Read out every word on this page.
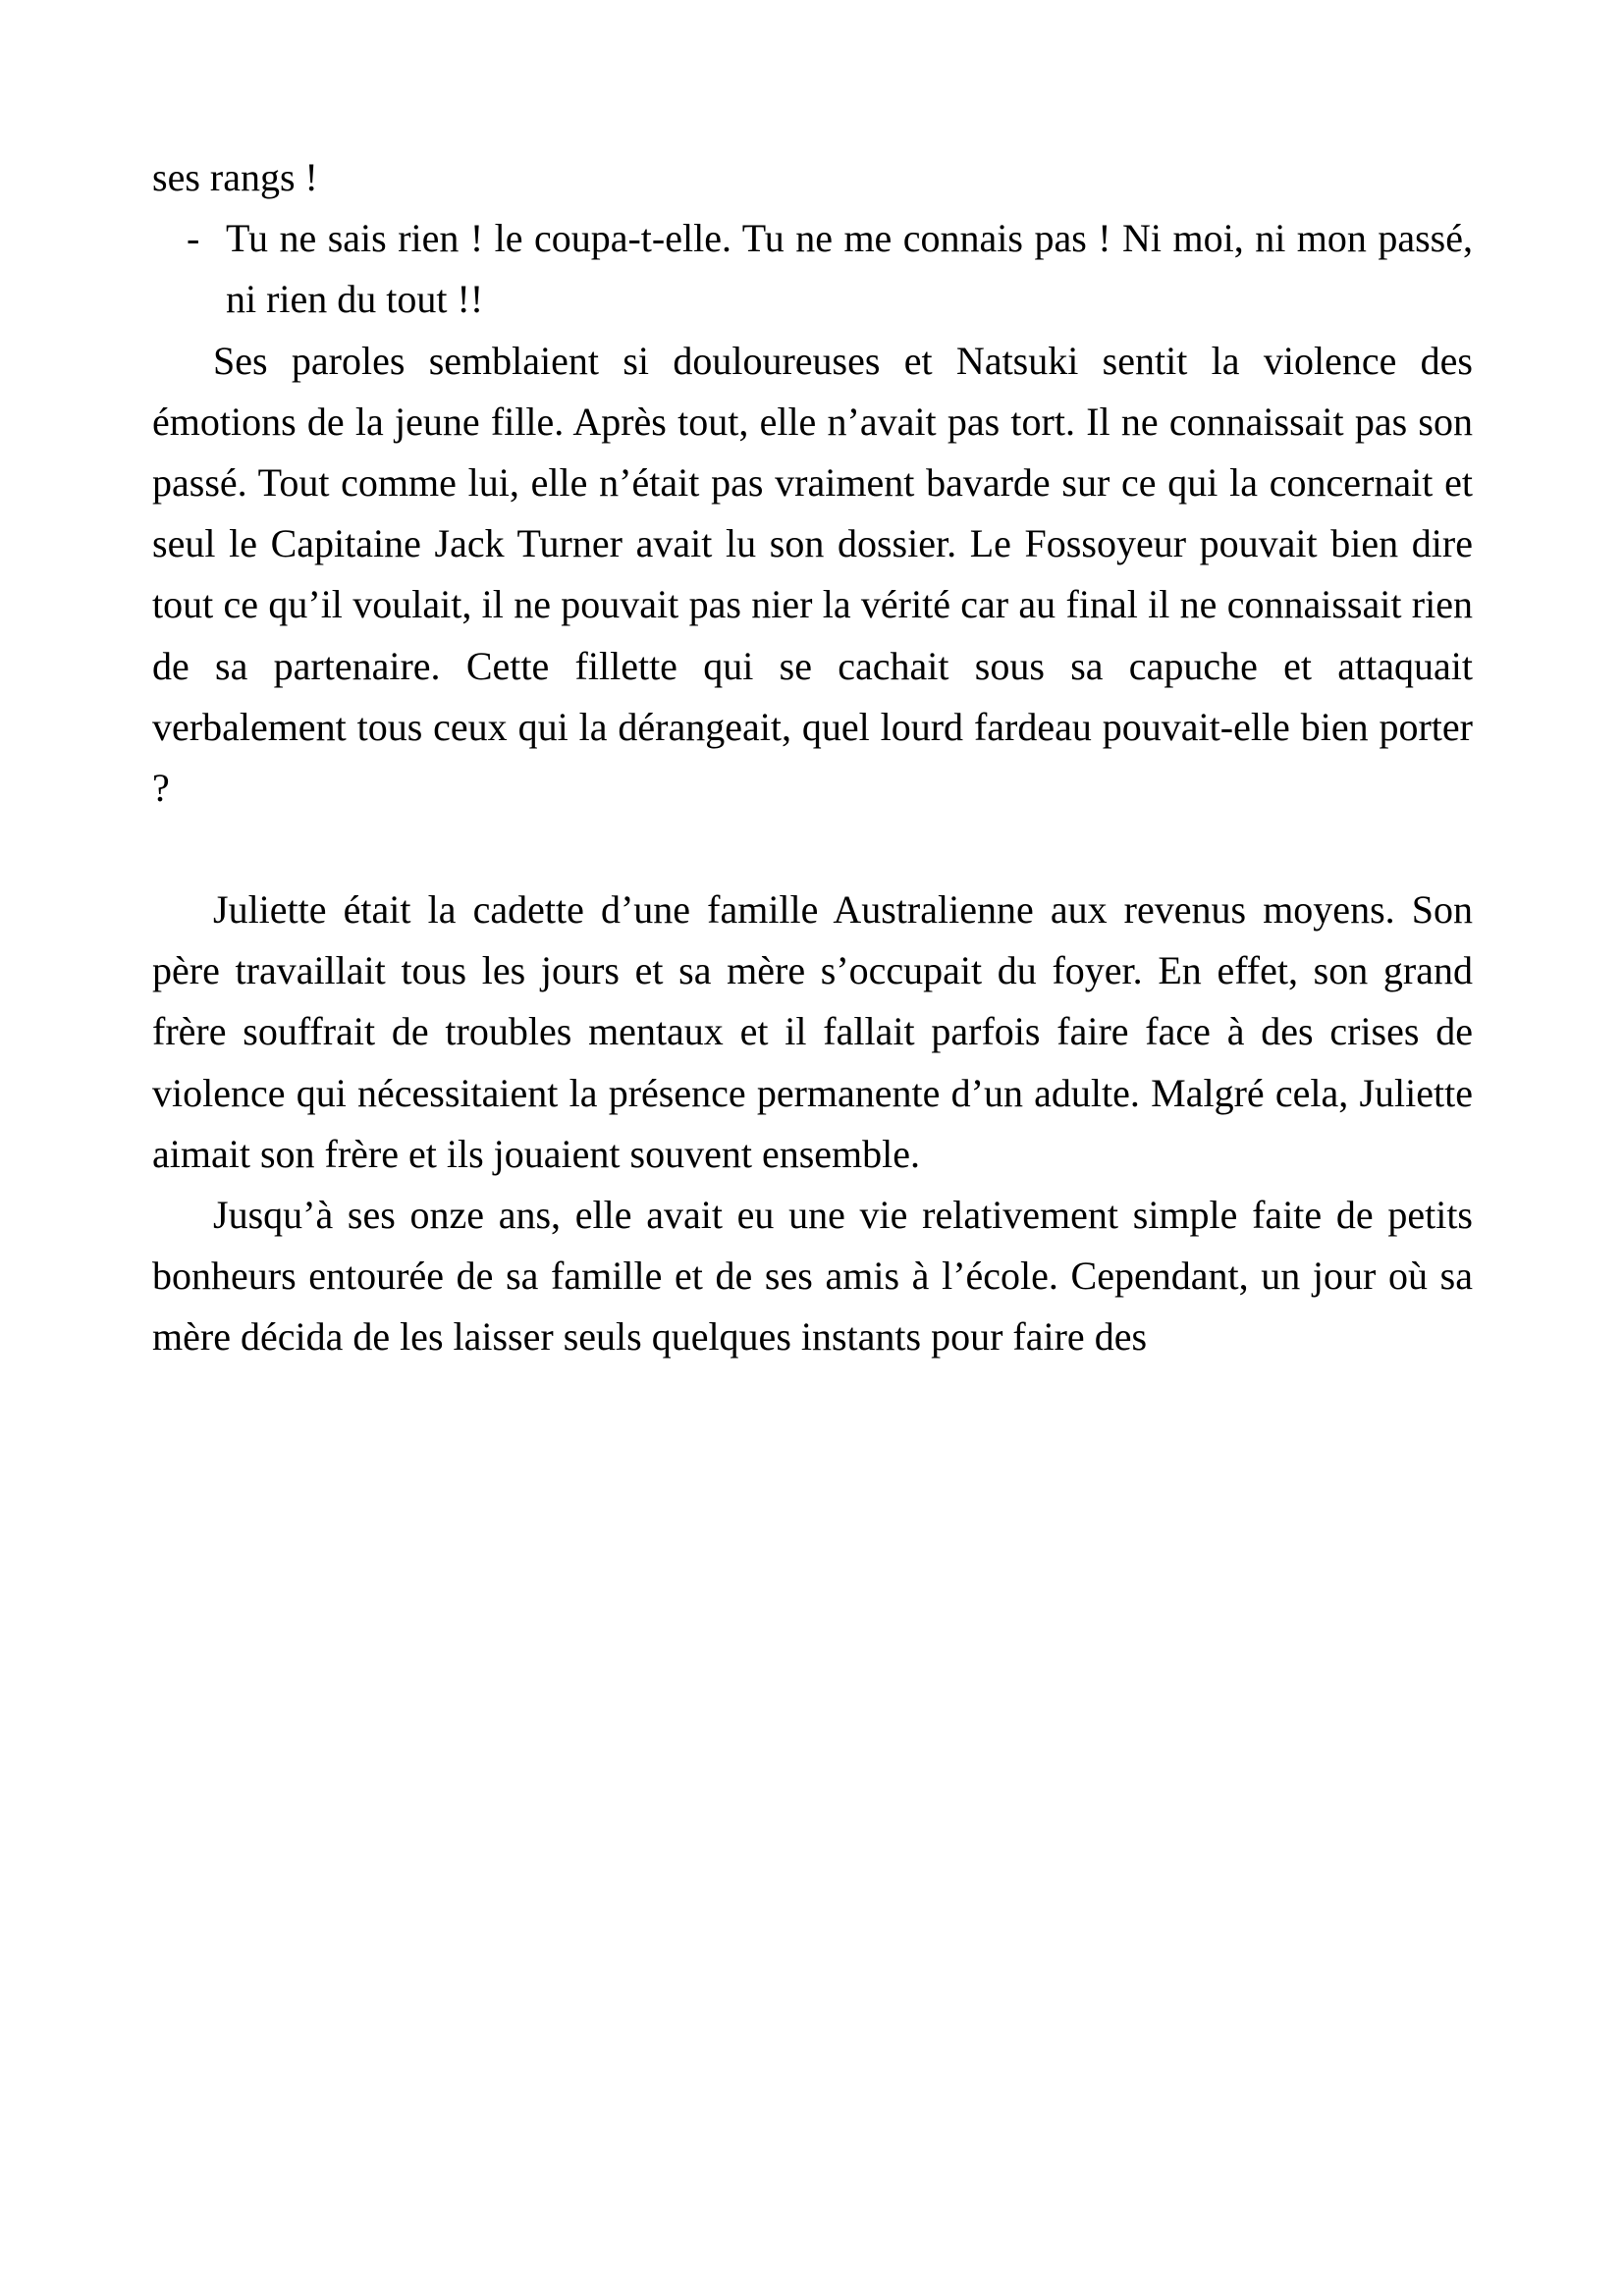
ses rangs !

- Tu ne sais rien ! le coupa-t-elle. Tu ne me connais pas ! Ni moi, ni mon passé, ni rien du tout !!

Ses paroles semblaient si douloureuses et Natsuki sentit la violence des émotions de la jeune fille. Après tout, elle n’avait pas tort. Il ne connaissait pas son passé. Tout comme lui, elle n’était pas vraiment bavarde sur ce qui la concernait et seul le Capitaine Jack Turner avait lu son dossier. Le Fossoyeur pouvait bien dire tout ce qu’il voulait, il ne pouvait pas nier la vérité car au final il ne connaissait rien de sa partenaire. Cette fillette qui se cachait sous sa capuche et attaquait verbalement tous ceux qui la dérangeait, quel lourd fardeau pouvait-elle bien porter ?

Juliette était la cadette d’une famille Australienne aux revenus moyens. Son père travaillait tous les jours et sa mère s’occupait du foyer. En effet, son grand frère souffrait de troubles mentaux et il fallait parfois faire face à des crises de violence qui nécessitaient la présence permanente d’un adulte. Malgré cela, Juliette aimait son frère et ils jouaient souvent ensemble.

Jusqu’à ses onze ans, elle avait eu une vie relativement simple faite de petits bonheurs entourée de sa famille et de ses amis à l’école. Cependant, un jour où sa mère décida de les laisser seuls quelques instants pour faire des
